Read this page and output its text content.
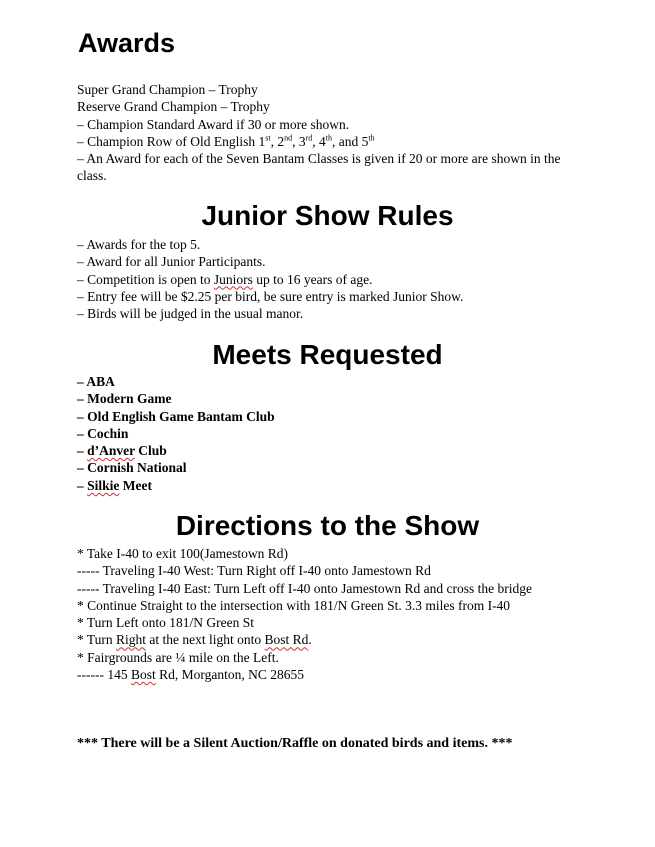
Awards
Super Grand Champion – Trophy
Reserve Grand Champion – Trophy
– Champion Standard Award if 30 or more shown.
– Champion Row of Old English 1st, 2nd, 3rd, 4th, and 5th
– An Award for each of the Seven Bantam Classes is given if 20 or more are shown in the class.
Junior Show Rules
– Awards for the top 5.
– Award for all Junior Participants.
– Competition is open to Juniors up to 16 years of age.
– Entry fee will be $2.25 per bird, be sure entry is marked Junior Show.
– Birds will be judged in the usual manor.
Meets Requested
– ABA
– Modern Game
– Old English Game Bantam Club
– Cochin
– d’Anver Club
– Cornish National
– Silkie Meet
Directions to the Show
* Take I-40 to exit 100(Jamestown Rd)
----- Traveling I-40 West: Turn Right off I-40 onto Jamestown Rd
----- Traveling I-40 East: Turn Left off I-40 onto Jamestown Rd and cross the bridge
* Continue Straight to the intersection with 181/N Green St. 3.3 miles from I-40
* Turn Left onto 181/N Green St
* Turn Right at the next light onto Bost Rd.
* Fairgrounds are ¼ mile on the Left.
------ 145 Bost Rd, Morganton, NC 28655
*** There will be a Silent Auction/Raffle on donated birds and items. ***
